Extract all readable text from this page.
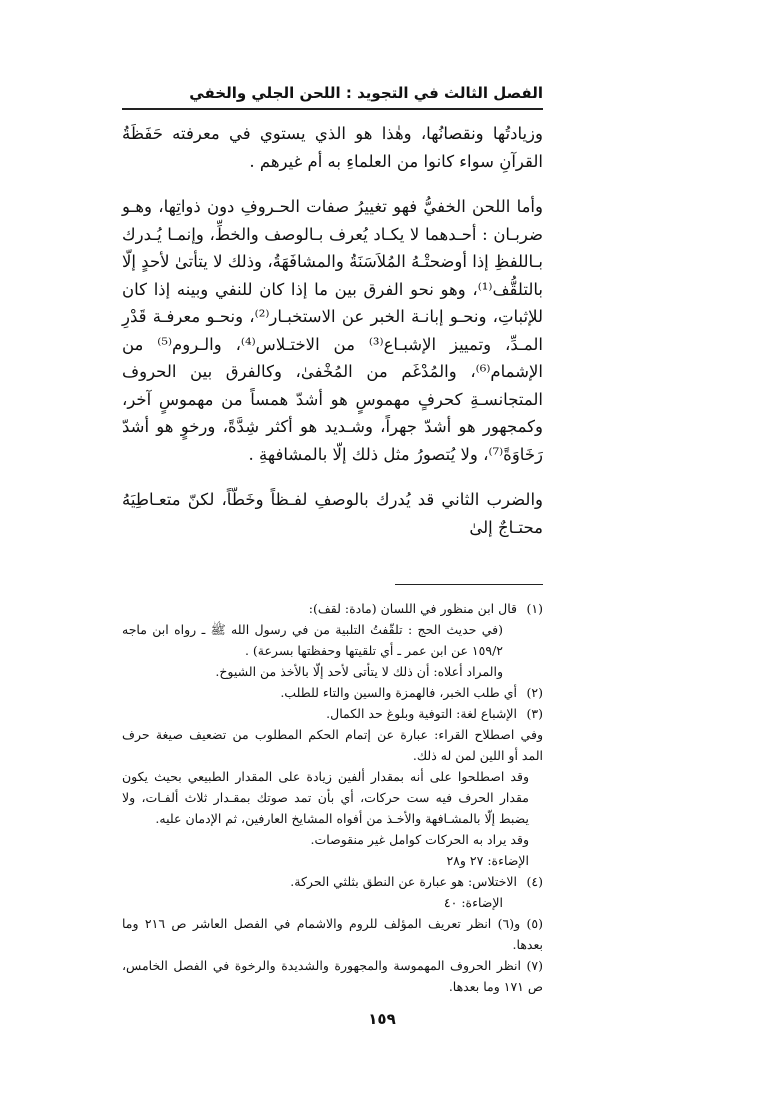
الفصل الثالث في التجويد : اللحن الجلي والخفي

وزيادتُها ونقصانُها، وهٰذا هو الذي يستوي في معرفته حَفَظَةُ القرآنِ سواء كانوا من العلماءِ به أم غيرهم .

وأما اللحن الخفيُّ فهو تغييرُ صفات الحـروفِ دون ذواتِها، وهـو ضربـان : أحـدهما لا يكـاد يُعرف بـالوصف والخطِّ، وإنمـا يُـدرك بـاللفظِ إذا أوضحتْـهُ المُلاَسَنَةُ والمشافَهَةُ، وذلك لا يتأتىٰ لأحدٍ إلّا بالتلقُّف⁽¹⁾، وهو نحو الفرق بين ما إذا كان للنفي وبينه إذا كان للإثباتِ، ونحـو إبانـة الخبر عن الاستخبـار⁽²⁾، ونحـو معرفـة قَدْرِ المـدِّ، وتمييز الإشبـاع⁽³⁾ من الاختـلاس⁽⁴⁾، والـروم⁽⁵⁾ من الإشمام⁽⁶⁾، والمُدْغَم من المُخْفىٰ، وكالفرق بين الحروف المتجانسـةِ كحرفٍ مهموسٍ هو أشدّ همساً من مهموسٍ آخر، وكمجهور هو أشدّ جهراً، وشـديد هو أكثر شِدَّةً، ورخوٍ هو أشدّ رَخَاوَةً⁽⁷⁾، ولا يُتصورُ مثل ذلك إلّا بالمشافهةِ .

والضرب الثاني قد يُدرك بالوصفِ لفـظاً وخَطّاً، لكنّ متعـاطِيَهُ محتـاجٌ إلىٰ

(١)

قال ابن منظور في اللسان (مادة: لقف):

(في حديث الحج : تلقّفتُ التلبية من في رسول الله ﷺ ـ رواه ابن ماجه ١٥٩/٢ عن ابن عمر ـ أي تلقيتها وحفظتها بسرعة) .

والمراد أعلاه: أن ذلك لا يتأتى لأحد إلّا بالأخذ من الشيوخ.

(٢)

أي طلب الخبر، فالهمزة والسين والتاء للطلب.

(٣)

الإشباع لغة: التوفية وبلوغ حد الكمال.

وفي اصطلاح القراء: عبارة عن إتمام الحكم المطلوب من تضعيف صيغة حرف المد أو اللين لمن له ذلك.

وقد اصطلحوا على أنه بمقدار ألفين زيادة على المقدار الطبيعي بحيث يكون مقدار الحرف فيه ست حركات، أي بأن تمد صوتك بمقـدار ثلاث ألفـات، ولا يضبط إلّا بالمشـافهة والأخـذ من أفواه المشايخ العارفين، ثم الإدمان عليه.

وقد يراد به الحركات كوامل غير منقوصات.

الإضاءة: ٢٧ و٢٨

(٤)

الاختلاس: هو عبارة عن النطق بثلثي الحركة.

الإضاءة: ٤٠

(٥) و(٦) انظر تعريف المؤلف للروم والاشمام في الفصل العاشر ص ٢١٦ وما بعدها.

(٧) انظر الحروف المهموسة والمجهورة والشديدة والرخوة في الفصل الخامس، ص ١٧١ وما بعدها.

١٥٩
